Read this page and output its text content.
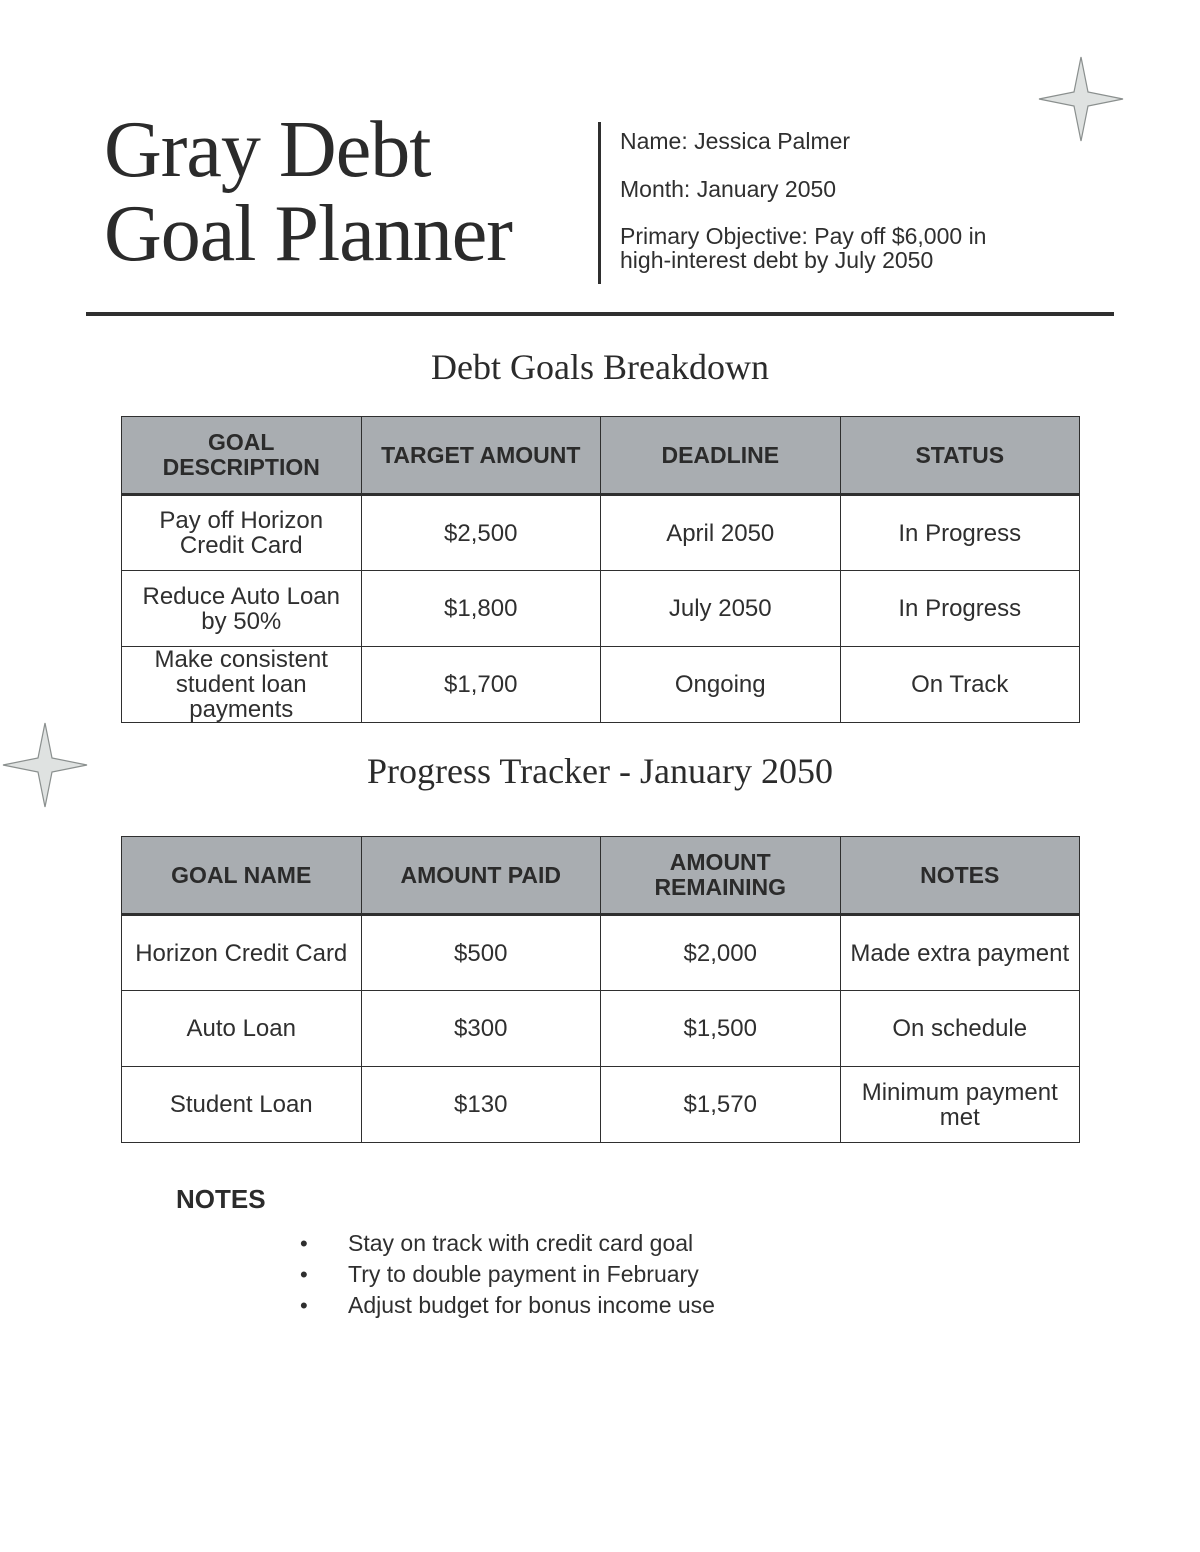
Gray Debt
Goal Planner

Name: Jessica Palmer

Month: January 2050

Primary Objective: Pay off $6,000 in
high-interest debt by July 2050

Debt Goals Breakdown
GOAL DESCRIPTION	TARGET AMOUNT	DEADLINE	STATUS
Pay off Horizon Credit Card	$2,500	April 2050	In Progress
Reduce Auto Loan by 50%	$1,800	July 2050	In Progress
Make consistent student loan payments	$1,700	Ongoing	On Track
Progress Tracker - January 2050
GOAL NAME	AMOUNT PAID	AMOUNT REMAINING	NOTES
Horizon Credit Card	$500	$2,000	Made extra payment
Auto Loan	$300	$1,500	On schedule
Student Loan	$130	$1,570	Minimum payment met
NOTES
• Stay on track with credit card goal
• Try to double payment in February
• Adjust budget for bonus income use
